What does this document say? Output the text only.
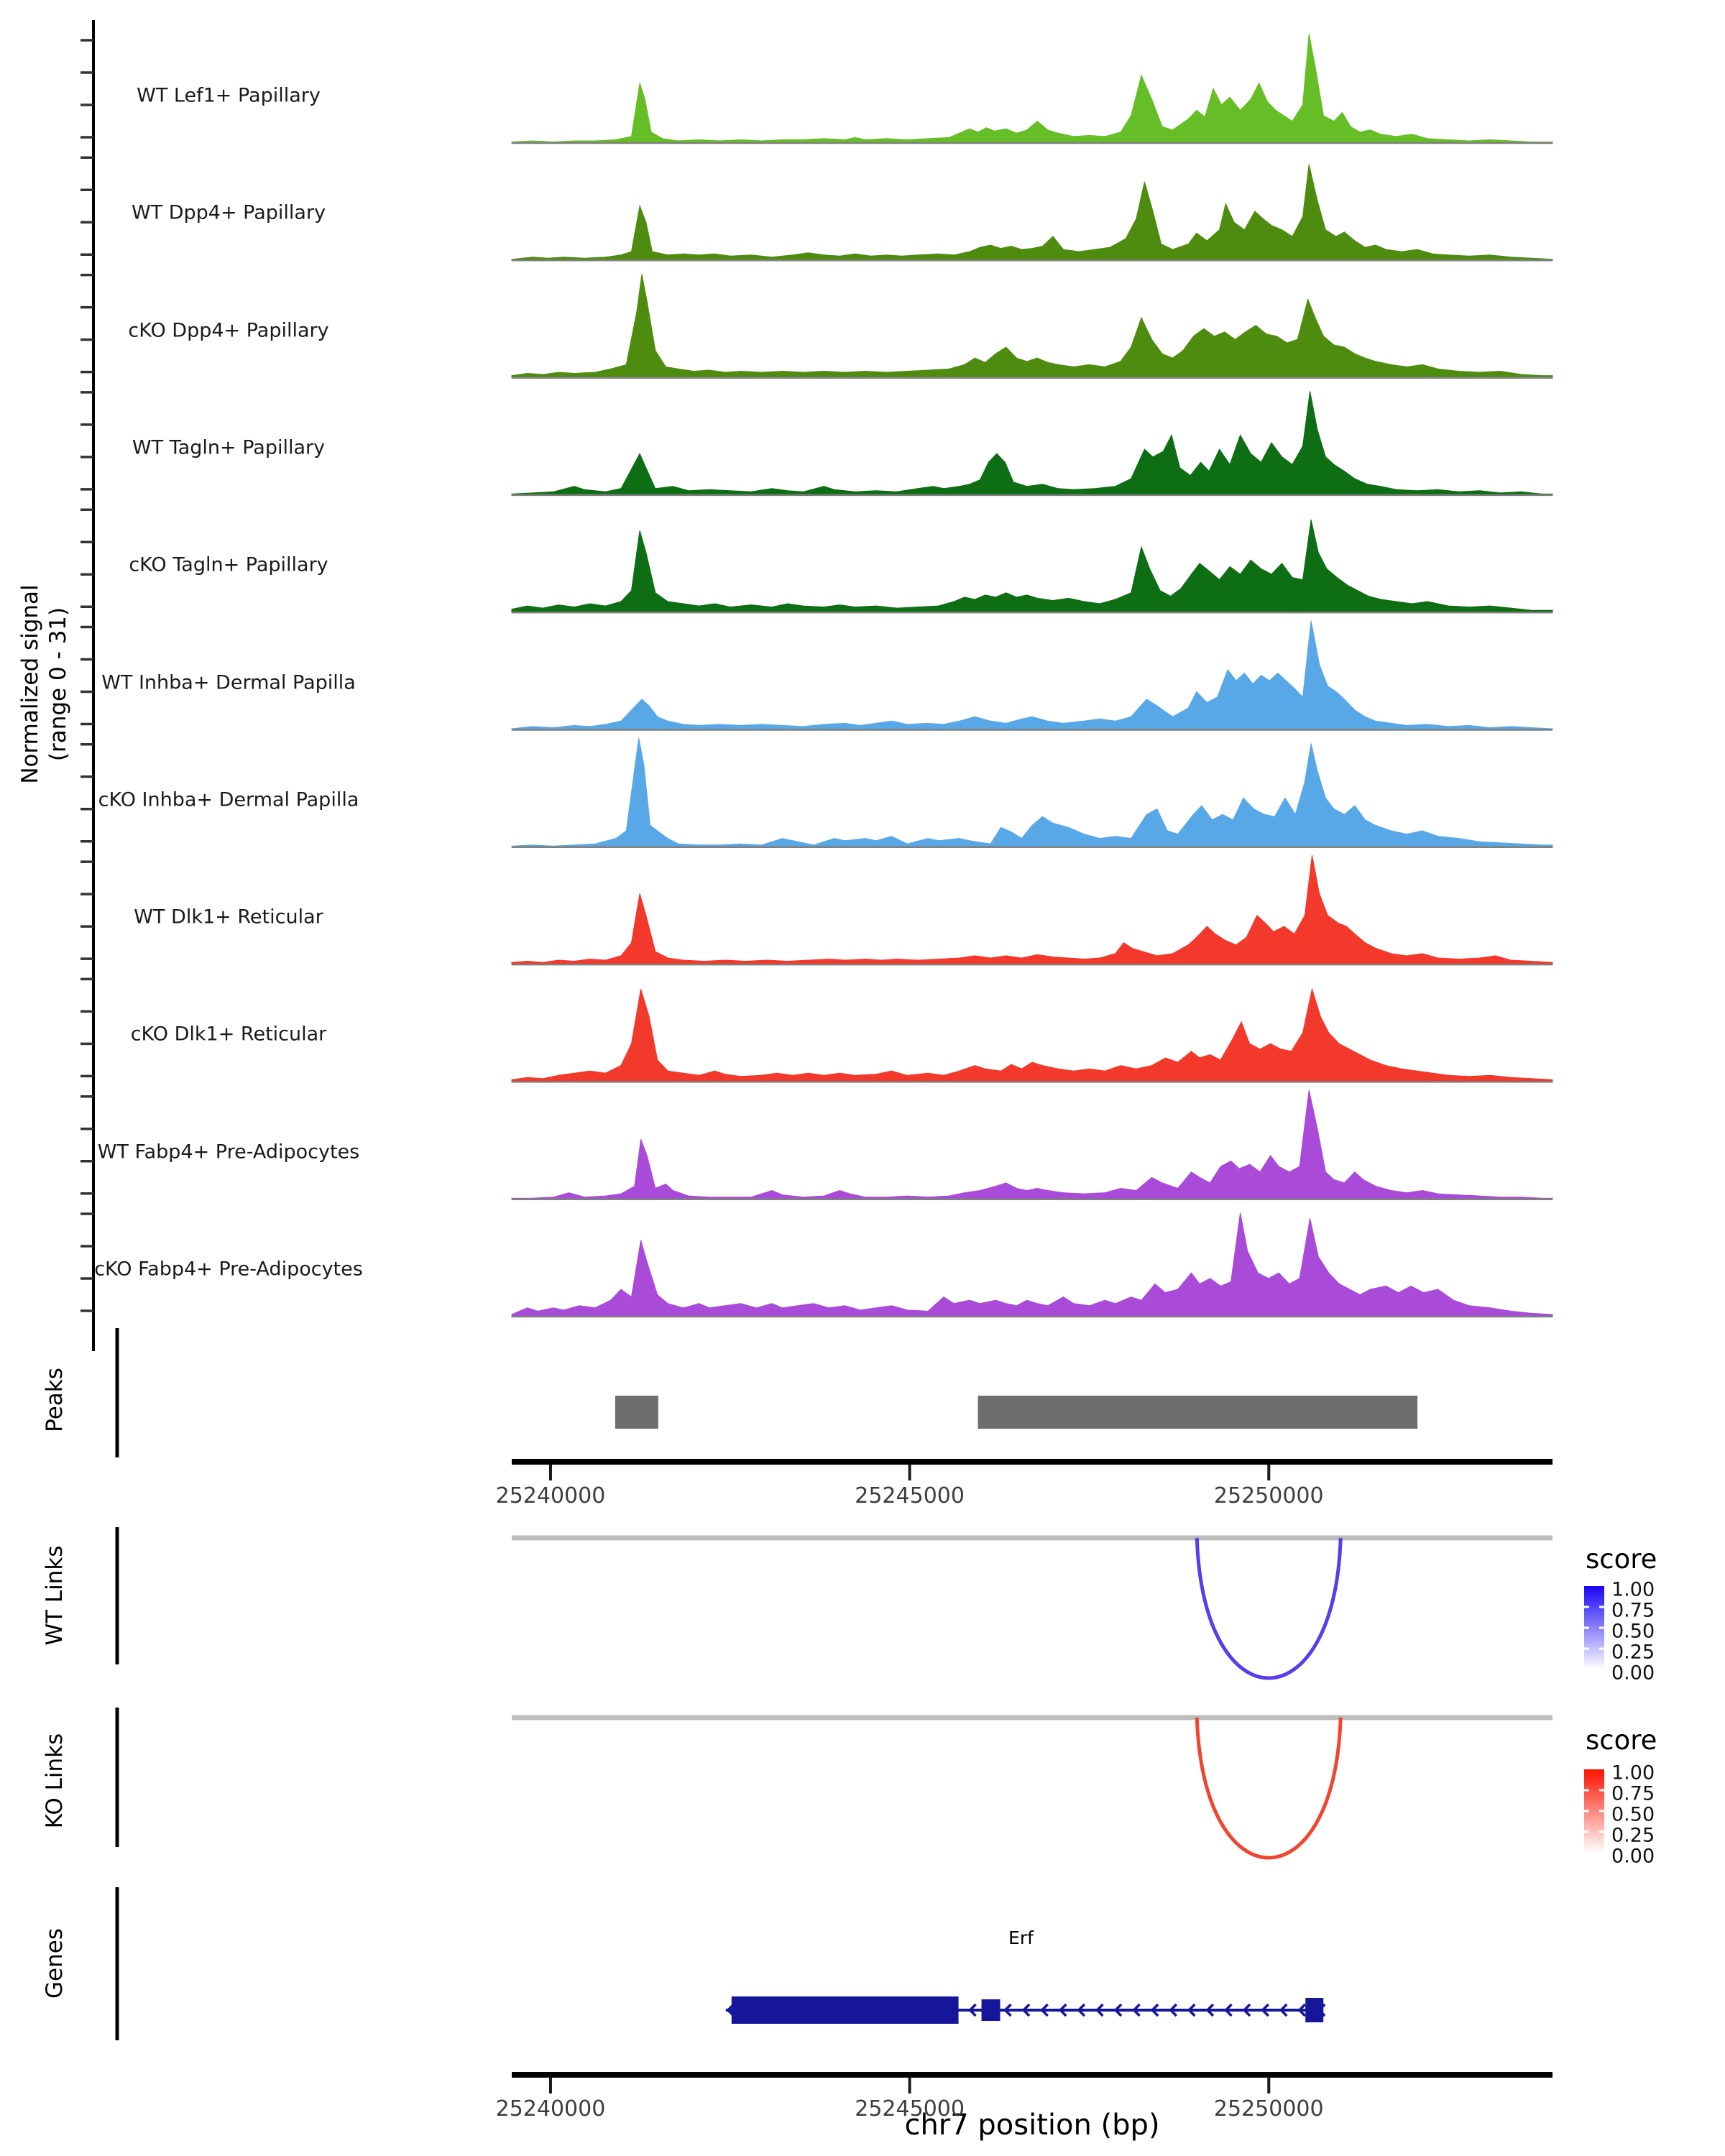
Normalized signal (range 0 - 31)
Peaks
WT Links
KO Links
Genes
score
score
Erf
chr7 position (bp)
WT Lef1+ Papillary
WT Dpp4+ Papillary
cKO Dpp4+ Papillary
WT Tagln+ Papillary
cKO Tagln+ Papillary
WT Inhba+ Dermal Papilla
cKO Inhba+ Dermal Papilla
WT Dlk1+ Reticular
cKO Dlk1+ Reticular
WT Fabp4+ Pre-Adipocytes
cKO Fabp4+ Pre-Adipocytes
25240000	25245000	25250000
25240000	25245000	25250000
1.00
0.75
0.50
0.25
0.00
1.00
0.75
0.50
0.25
0.00
